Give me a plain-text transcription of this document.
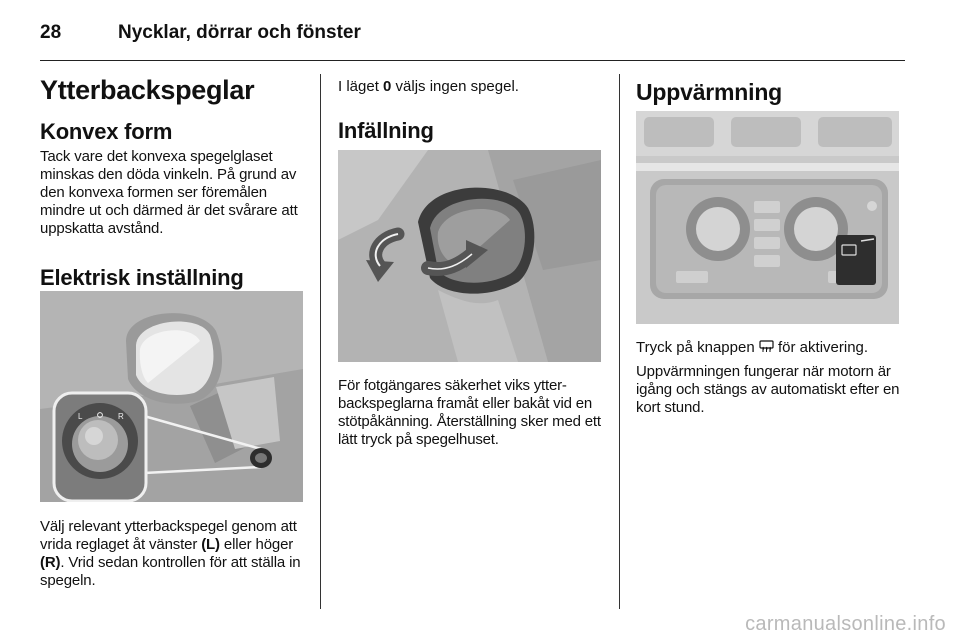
28	Nycklar, dörrar och fönster
Ytterbackspeglar
Konvex form

Tack vare det konvexa spegelglaset minskas den döda vinkeln. På grund av den konvexa formen ser föremålen mindre ut och därmed är det svårare att uppskatta avstånd.

Elektrisk inställning
L	R

Välj relevant ytterbackspegel genom att vrida reglaget åt vänster (L) eller höger (R). Vrid sedan kontrollen för att ställa in spegeln.

I läget 0 väljs ingen spegel.

Infällning

För fotgängares säkerhet viks ytter-backspeglarna framåt eller bakåt vid en stötpåkänning. Återställning sker med ett lätt tryck på spegelhuset.

Uppvärmning

Tryck på knappen  för aktivering.

Uppvärmningen fungerar när motorn är igång och stängs av automatiskt efter en kort stund.

carmanualsonline.info
